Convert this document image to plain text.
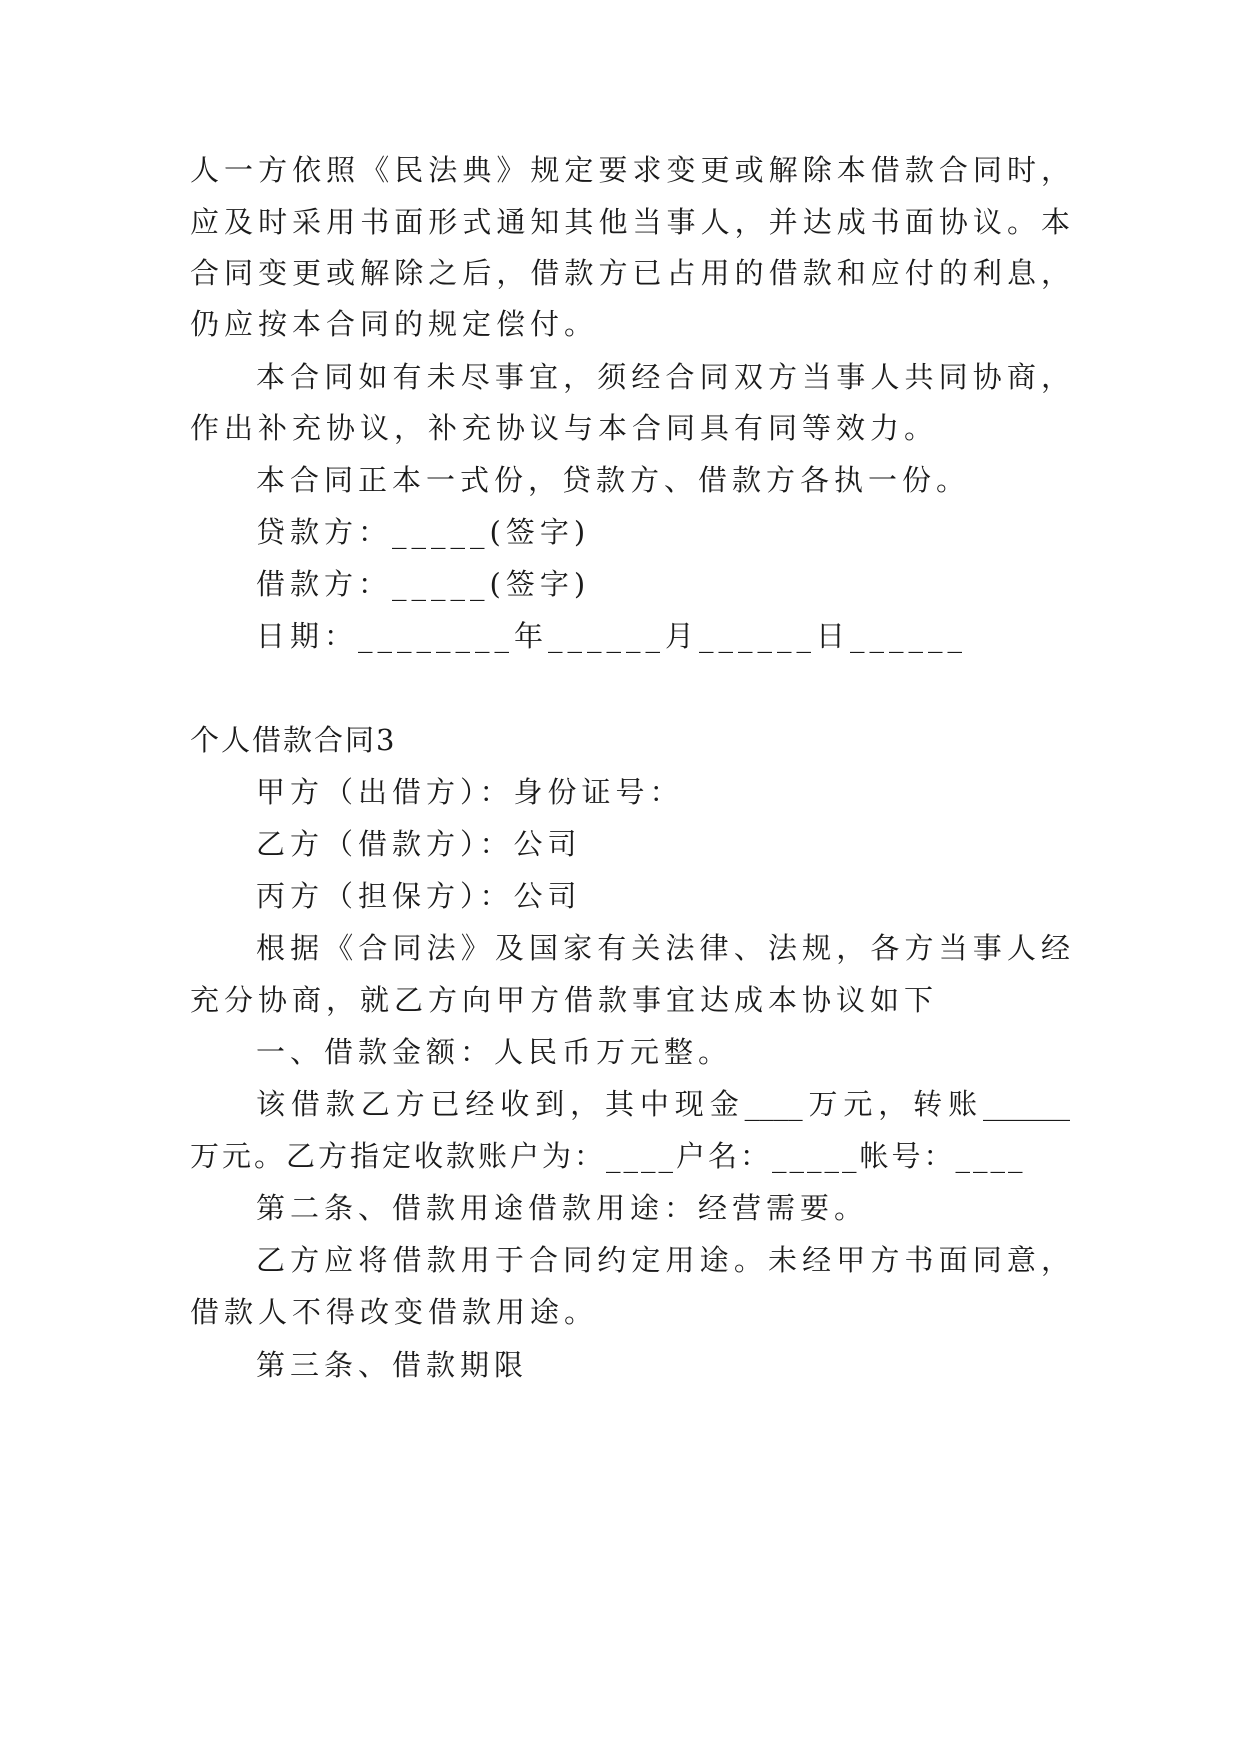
人一方依照《民法典》规定要求变更或解除本借款合同时，
应及时采用书面形式通知其他当事人，并达成书面协议。本
合同变更或解除之后，借款方已占用的借款和应付的利息，
仍应按本合同的规定偿付。
本合同如有未尽事宜，须经合同双方当事人共同协商，
作出补充协议，补充协议与本合同具有同等效力。
本合同正本一式份，贷款方、借款方各执一份。
贷款方：_____(签字)
借款方：_____(签字)
日期：________年______月______日______
个人借款合同3
甲方（出借方）：身份证号：
乙方（借款方）：公司
丙方（担保方）：公司
根据《合同法》及国家有关法律、法规，各方当事人经
充分协商，就乙方向甲方借款事宜达成本协议如下
一、借款金额：人民币万元整。
该借款乙方已经收到，其中现金____万元，转账______
万元。乙方指定收款账户为：____户名：_____帐号：____
第二条、借款用途借款用途：经营需要。
乙方应将借款用于合同约定用途。未经甲方书面同意，
借款人不得改变借款用途。
第三条、借款期限
